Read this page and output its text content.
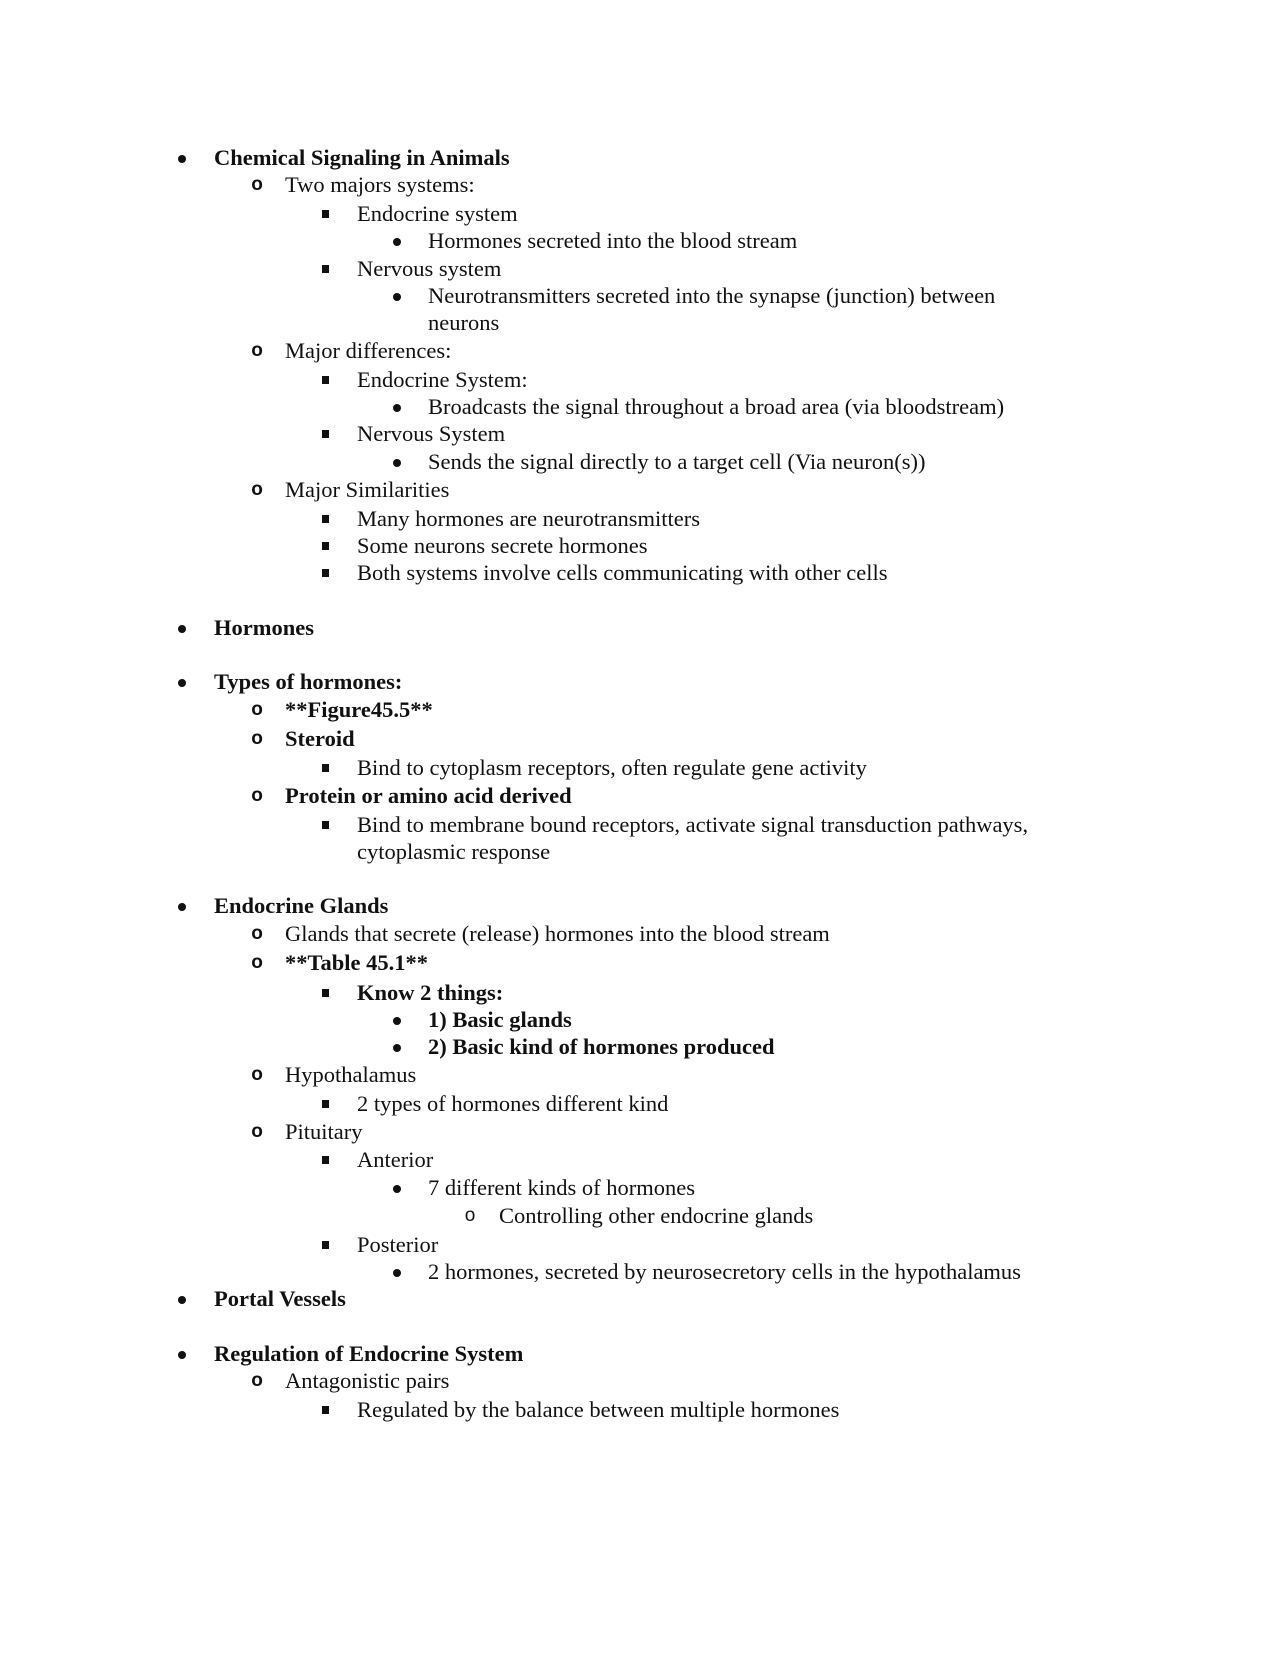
Chemical Signaling in Animals
o Two majors systems:
Endocrine system
Hormones secreted into the blood stream
Nervous system
Neurotransmitters secreted into the synapse (junction) between
neurons
o Major differences:
Endocrine System:
Broadcasts the signal throughout a broad area (via bloodstream)
Nervous System
Sends the signal directly to a target cell (Via neuron(s))
o Major Similarities
Many hormones are neurotransmitters
Some neurons secrete hormones
Both systems involve cells communicating with other cells
Hormones
Types of hormones:
o **Figure45.5**
o Steroid
Bind to cytoplasm receptors, often regulate gene activity
o Protein or amino acid derived
Bind to membrane bound receptors, activate signal transduction pathways,
cytoplasmic response
Endocrine Glands
o Glands that secrete (release) hormones into the blood stream
o **Table 45.1**
Know 2 things:
1) Basic glands
2) Basic kind of hormones produced
o Hypothalamus
2 types of hormones different kind
o Pituitary
Anterior
7 different kinds of hormones
o Controlling other endocrine glands
Posterior
2 hormones, secreted by neurosecretory cells in the hypothalamus
Portal Vessels
Regulation of Endocrine System
o Antagonistic pairs
Regulated by the balance between multiple hormones
